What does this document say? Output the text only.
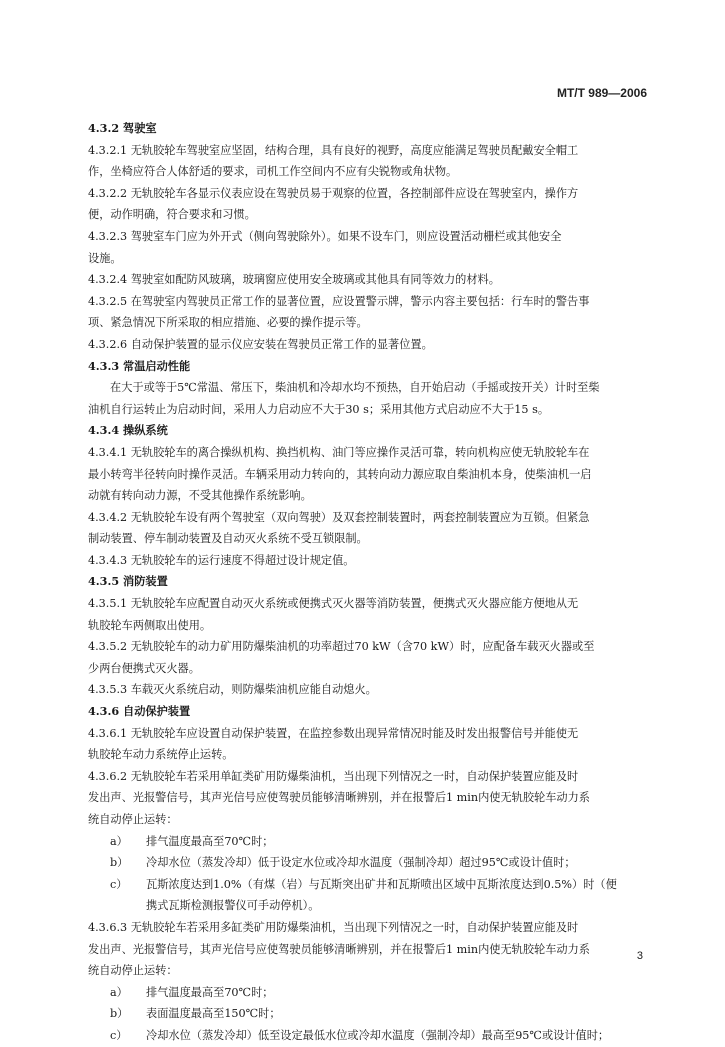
MT/T 989—2006

4.3.2 驾驶室

4.3.2.1 无轨胶轮车驾驶室应坚固，结构合理，具有良好的视野，高度应能满足驾驶员配戴安全帽工

作，坐椅应符合人体舒适的要求，司机工作空间内不应有尖锐物或角状物。

4.3.2.2 无轨胶轮车各显示仪表应设在驾驶员易于观察的位置，各控制部件应设在驾驶室内，操作方

便，动作明确，符合要求和习惯。

4.3.2.3 驾驶室车门应为外开式（侧向驾驶除外）。如果不设车门，则应设置活动栅栏或其他安全

设施。

4.3.2.4 驾驶室如配防风玻璃，玻璃窗应使用安全玻璃或其他具有同等效力的材料。

4.3.2.5 在驾驶室内驾驶员正常工作的显著位置，应设置警示牌，警示内容主要包括：行车时的警告事

项、紧急情况下所采取的相应措施、必要的操作提示等。

4.3.2.6 自动保护装置的显示仪应安装在驾驶员正常工作的显著位置。

4.3.3 常温启动性能

在大于或等于5℃常温、常压下，柴油机和冷却水均不预热，自开始启动（手摇或按开关）计时至柴

油机自行运转止为启动时间，采用人力启动应不大于30 s；采用其他方式启动应不大于15 s。

4.3.4 操纵系统

4.3.4.1 无轨胶轮车的离合操纵机构、换挡机构、油门等应操作灵活可靠，转向机构应使无轨胶轮车在

最小转弯半径转向时操作灵活。车辆采用动力转向的，其转向动力源应取自柴油机本身，使柴油机一启

动就有转向动力源，不受其他操作系统影响。

4.3.4.2 无轨胶轮车设有两个驾驶室（双向驾驶）及双套控制装置时，两套控制装置应为互锁。但紧急

制动装置、停车制动装置及自动灭火系统不受互锁限制。

4.3.4.3 无轨胶轮车的运行速度不得超过设计规定值。

4.3.5 消防装置

4.3.5.1 无轨胶轮车应配置自动灭火系统或便携式灭火器等消防装置，便携式灭火器应能方便地从无

轨胶轮车两侧取出使用。

4.3.5.2 无轨胶轮车的动力矿用防爆柴油机的功率超过70 kW（含70 kW）时，应配备车载灭火器或至

少两台便携式灭火器。

4.3.5.3 车载灭火系统启动，则防爆柴油机应能自动熄火。

4.3.6 自动保护装置

4.3.6.1 无轨胶轮车应设置自动保护装置，在监控参数出现异常情况时能及时发出报警信号并能使无

轨胶轮车动力系统停止运转。

4.3.6.2 无轨胶轮车若采用单缸类矿用防爆柴油机，当出现下列情况之一时，自动保护装置应能及时

发出声、光报警信号，其声光信号应使驾驶员能够清晰辨别，并在报警后1 min内使无轨胶轮车动力系

统自动停止运转：

a） 排气温度最高至70℃时；

b） 冷却水位（蒸发冷却）低于设定水位或冷却水温度（强制冷却）超过95℃或设计值时；

c） 瓦斯浓度达到1.0%（有煤（岩）与瓦斯突出矿井和瓦斯喷出区域中瓦斯浓度达到0.5%）时（便

携式瓦斯检测报警仪可手动停机）。

4.3.6.3 无轨胶轮车若采用多缸类矿用防爆柴油机，当出现下列情况之一时，自动保护装置应能及时

发出声、光报警信号，其声光信号应使驾驶员能够清晰辨别，并在报警后1 min内使无轨胶轮车动力系

统自动停止运转：

a） 排气温度最高至70℃时；

b） 表面温度最高至150℃时；

c） 冷却水位（蒸发冷却）低至设定最低水位或冷却水温度（强制冷却）最高至95℃或设计值时；

3
